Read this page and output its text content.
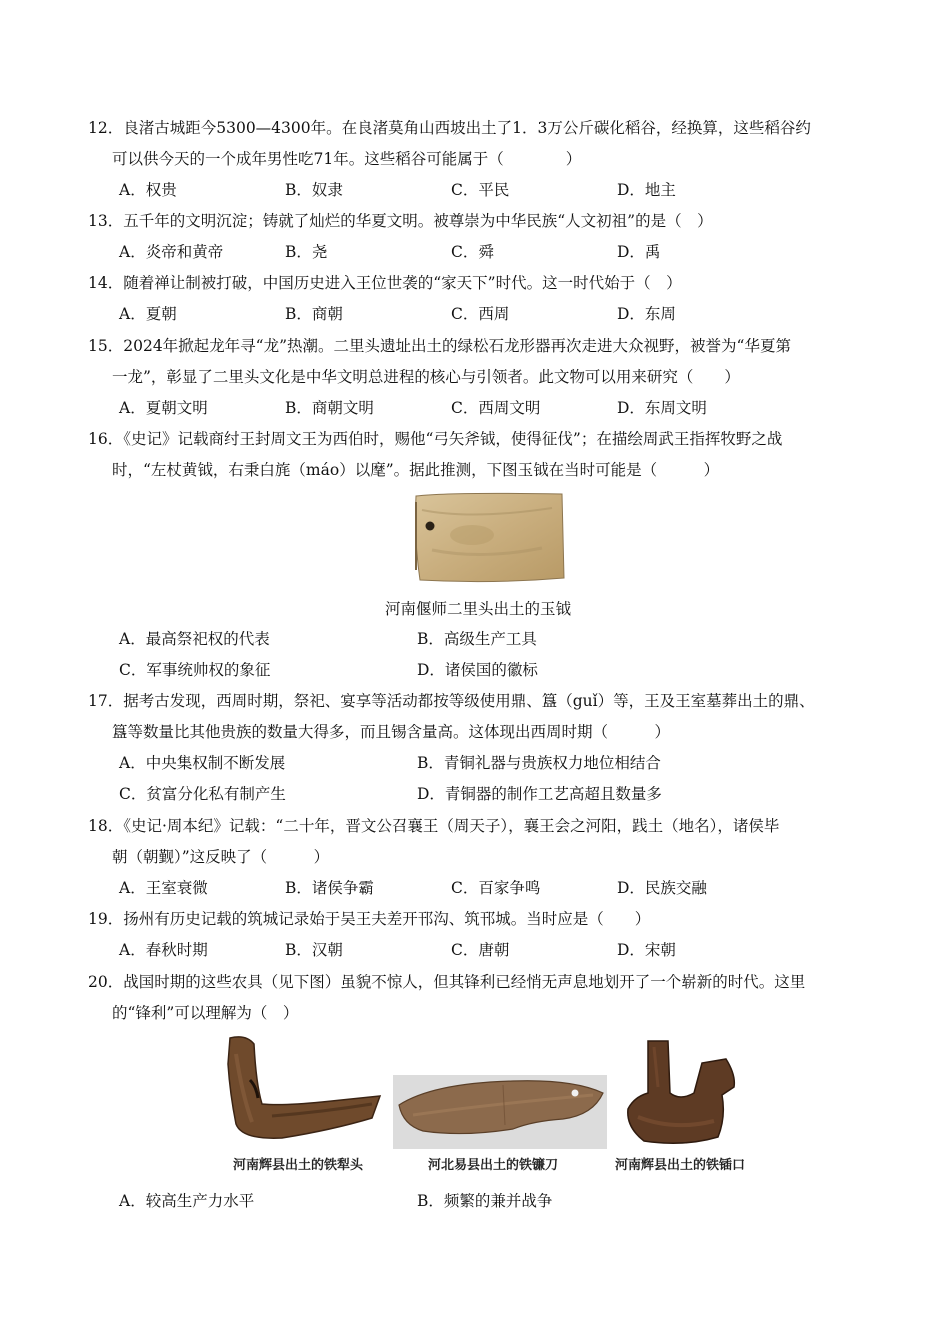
12．良渚古城距今5300—4300年。在良渚莫角山西坡出土了1．3万公斤碳化稻谷，经换算，这些稻谷约
可以供今天的一个成年男性吃71年。这些稻谷可能属于（　　　　）
A．权贵	B．奴隶	C．平民	D．地主
13．五千年的文明沉淀；铸就了灿烂的华夏文明。被尊崇为中华民族“人文初祖”的是（　）
A．炎帝和黄帝	B．尧	C．舜	D．禹
14．随着禅让制被打破，中国历史进入王位世袭的“家天下”时代。这一时代始于（　）
A．夏朝	B．商朝	C．西周	D．东周
15．2024年掀起龙年寻“龙”热潮。二里头遗址出土的绿松石龙形器再次走进大众视野，被誉为“华夏第
一龙”，彰显了二里头文化是中华文明总进程的核心与引领者。此文物可以用来研究（　　）
A．夏朝文明	B．商朝文明	C．西周文明	D．东周文明
16．《史记》记载商纣王封周文王为西伯时，赐他“弓矢斧钺，使得征伐”；在描绘周武王指挥牧野之战
时，“左杖黄钺，右秉白旄（máo）以麾”。据此推测，下图玉钺在当时可能是（　　　）
河南偃师二里头出土的玉钺
A．最高祭祀权的代表	B．高级生产工具
C．军事统帅权的象征	D．诸侯国的徽标
17．据考古发现，西周时期，祭祀、宴享等活动都按等级使用鼎、簋（guǐ）等，王及王室墓葬出土的鼎、
簋等数量比其他贵族的数量大得多，而且锡含量高。这体现出西周时期（　　　）
A．中央集权制不断发展	B．青铜礼器与贵族权力地位相结合
C．贫富分化私有制产生	D．青铜器的制作工艺高超且数量多
18．《史记·周本纪》记载：“二十年，晋文公召襄王（周天子），襄王会之河阳，践土（地名），诸侯毕
朝（朝觐）”这反映了（　　　）
A．王室衰微	B．诸侯争霸	C．百家争鸣	D．民族交融
19．扬州有历史记载的筑城记录始于吴王夫差开邗沟、筑邗城。当时应是（　　）
A．春秋时期	B．汉朝	C．唐朝	D．宋朝
20．战国时期的这些农具（见下图）虽貌不惊人，但其锋利已经悄无声息地划开了一个崭新的时代。这里
的“锋利”可以理解为（　）
河南辉县出土的铁犁头	河北易县出土的铁镰刀	河南辉县出土的铁锸口
A．较高生产力水平	B．频繁的兼并战争
